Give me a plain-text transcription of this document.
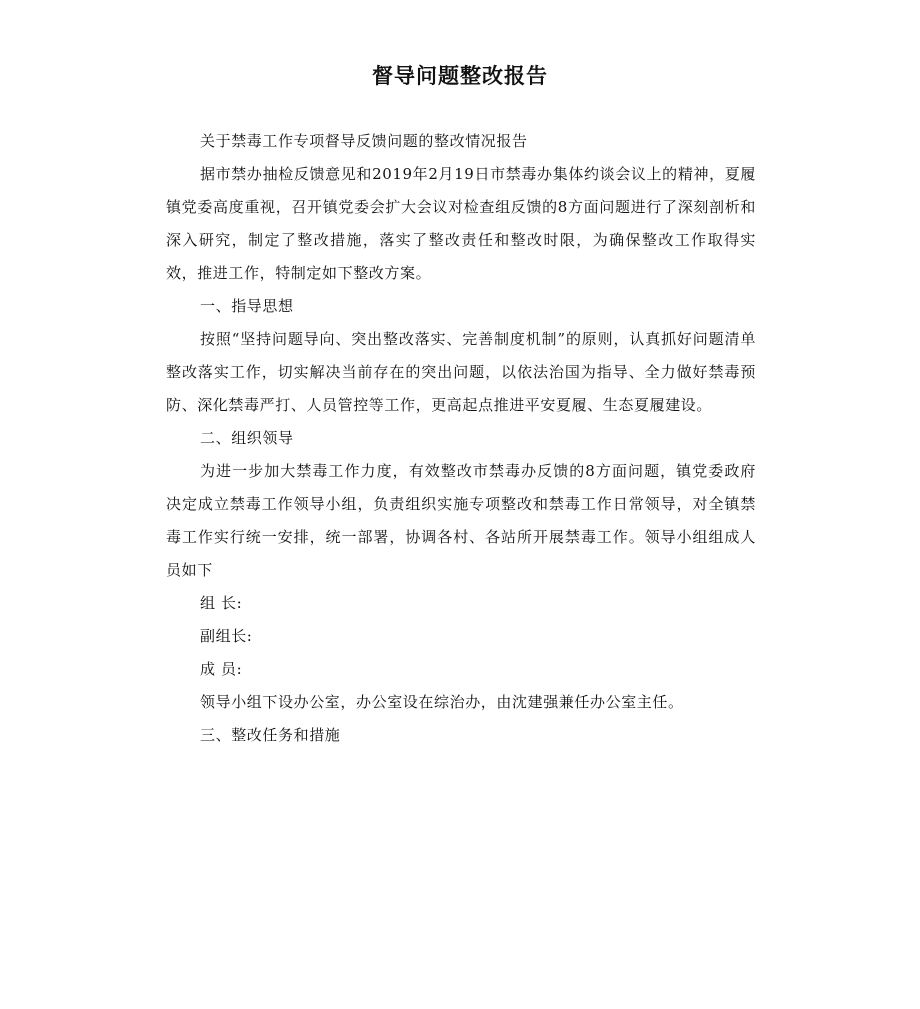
督导问题整改报告

关于禁毒工作专项督导反馈问题的整改情况报告

据市禁办抽检反馈意见和2019年2月19日市禁毒办集体约谈会议上的精神，夏履镇党委高度重视，召开镇党委会扩大会议对检查组反馈的8方面问题进行了深刻剖析和深入研究，制定了整改措施，落实了整改责任和整改时限，为确保整改工作取得实效，推进工作，特制定如下整改方案。

一、指导思想

按照“坚持问题导向、突出整改落实、完善制度机制”的原则，认真抓好问题清单整改落实工作，切实解决当前存在的突出问题，以依法治国为指导、全力做好禁毒预防、深化禁毒严打、人员管控等工作，更高起点推进平安夏履、生态夏履建设。

二、组织领导

为进一步加大禁毒工作力度，有效整改市禁毒办反馈的8方面问题，镇党委政府决定成立禁毒工作领导小组，负责组织实施专项整改和禁毒工作日常领导，对全镇禁毒工作实行统一安排，统一部署，协调各村、各站所开展禁毒工作。领导小组组成人员如下

组 长:

副组长:

成 员:

领导小组下设办公室，办公室设在综治办，由沈建强兼任办公室主任。

三、整改任务和措施
